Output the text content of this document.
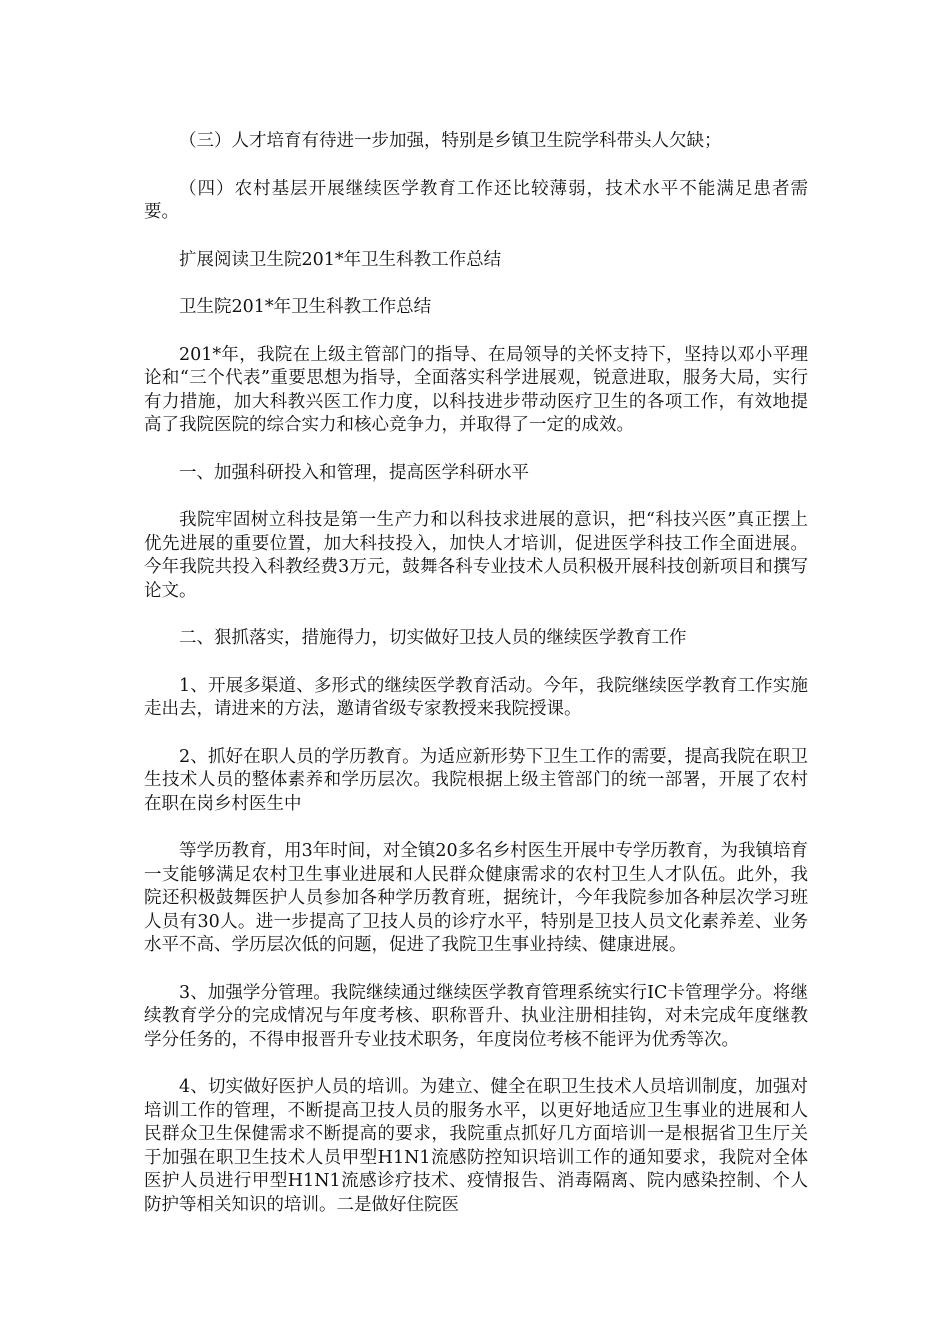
（三）人才培育有待进一步加强，特别是乡镇卫生院学科带头人欠缺；

（四）农村基层开展继续医学教育工作还比较薄弱，技术水平不能满足患者需要。

扩展阅读卫生院201*年卫生科教工作总结

卫生院201*年卫生科教工作总结

201*年，我院在上级主管部门的指导、在局领导的关怀支持下，坚持以邓小平理论和“三个代表”重要思想为指导，全面落实科学进展观，锐意进取，服务大局，实行有力措施，加大科教兴医工作力度，以科技进步带动医疗卫生的各项工作，有效地提高了我院医院的综合实力和核心竞争力，并取得了一定的成效。

一、加强科研投入和管理，提高医学科研水平

我院牢固树立科技是第一生产力和以科技求进展的意识，把“科技兴医”真正摆上优先进展的重要位置，加大科技投入，加快人才培训，促进医学科技工作全面进展。今年我院共投入科教经费3万元，鼓舞各科专业技术人员积极开展科技创新项目和撰写论文。

二、狠抓落实，措施得力，切实做好卫技人员的继续医学教育工作

1、开展多渠道、多形式的继续医学教育活动。今年，我院继续医学教育工作实施走出去，请进来的方法，邀请省级专家教授来我院授课。

2、抓好在职人员的学历教育。为适应新形势下卫生工作的需要，提高我院在职卫生技术人员的整体素养和学历层次。我院根据上级主管部门的统一部署，开展了农村在职在岗乡村医生中

等学历教育，用3年时间，对全镇20多名乡村医生开展中专学历教育，为我镇培育一支能够满足农村卫生事业进展和人民群众健康需求的农村卫生人才队伍。此外，我院还积极鼓舞医护人员参加各种学历教育班，据统计，今年我院参加各种层次学习班人员有30人。进一步提高了卫技人员的诊疗水平，特别是卫技人员文化素养差、业务水平不高、学历层次低的问题，促进了我院卫生事业持续、健康进展。

3、加强学分管理。我院继续通过继续医学教育管理系统实行IC卡管理学分。将继续教育学分的完成情况与年度考核、职称晋升、执业注册相挂钩，对未完成年度继教学分任务的，不得申报晋升专业技术职务，年度岗位考核不能评为优秀等次。

4、切实做好医护人员的培训。为建立、健全在职卫生技术人员培训制度，加强对培训工作的管理，不断提高卫技人员的服务水平，以更好地适应卫生事业的进展和人民群众卫生保健需求不断提高的要求，我院重点抓好几方面培训一是根据省卫生厅关于加强在职卫生技术人员甲型H1N1流感防控知识培训工作的通知要求，我院对全体医护人员进行甲型H1N1流感诊疗技术、疫情报告、消毒隔离、院内感染控制、个人防护等相关知识的培训。二是做好住院医
